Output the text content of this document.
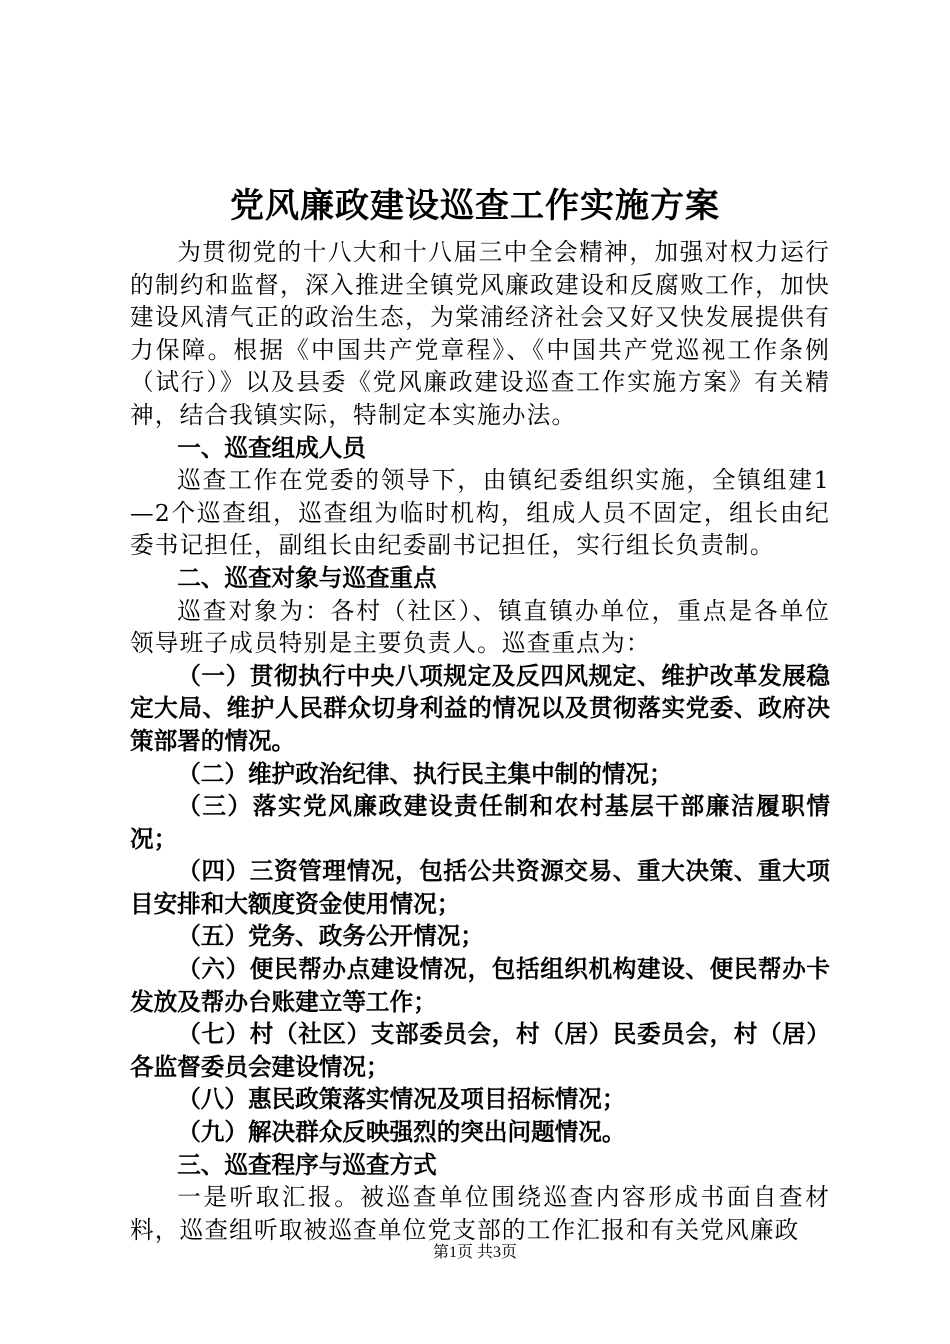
党风廉政建设巡查工作实施方案

为贯彻党的十八大和十八届三中全会精神，加强对权力运行的制约和监督，深入推进全镇党风廉政建设和反腐败工作，加快建设风清气正的政治生态，为棠浦经济社会又好又快发展提供有力保障。根据《中国共产党章程》、《中国共产党巡视工作条例（试行）》以及县委《党风廉政建设巡查工作实施方案》有关精神，结合我镇实际，特制定本实施办法。

一、巡查组成人员

巡查工作在党委的领导下，由镇纪委组织实施，全镇组建1—2个巡查组，巡查组为临时机构，组成人员不固定，组长由纪委书记担任，副组长由纪委副书记担任，实行组长负责制。

二、巡查对象与巡查重点

巡查对象为：各村（社区）、镇直镇办单位，重点是各单位领导班子成员特别是主要负责人。巡查重点为：

（一）贯彻执行中央八项规定及反四风规定、维护改革发展稳定大局、维护人民群众切身利益的情况以及贯彻落实党委、政府决策部署的情况。

（二）维护政治纪律、执行民主集中制的情况；

（三）落实党风廉政建设责任制和农村基层干部廉洁履职情况；

（四）三资管理情况，包括公共资源交易、重大决策、重大项目安排和大额度资金使用情况；

（五）党务、政务公开情况；

（六）便民帮办点建设情况，包括组织机构建设、便民帮办卡发放及帮办台账建立等工作；

（七）村（社区）支部委员会，村（居）民委员会，村（居）各监督委员会建设情况；

（八）惠民政策落实情况及项目招标情况；

（九）解决群众反映强烈的突出问题情况。

三、巡查程序与巡查方式

一是听取汇报。被巡查单位围绕巡查内容形成书面自查材料，巡查组听取被巡查单位党支部的工作汇报和有关党风廉政

第1页 共3页
